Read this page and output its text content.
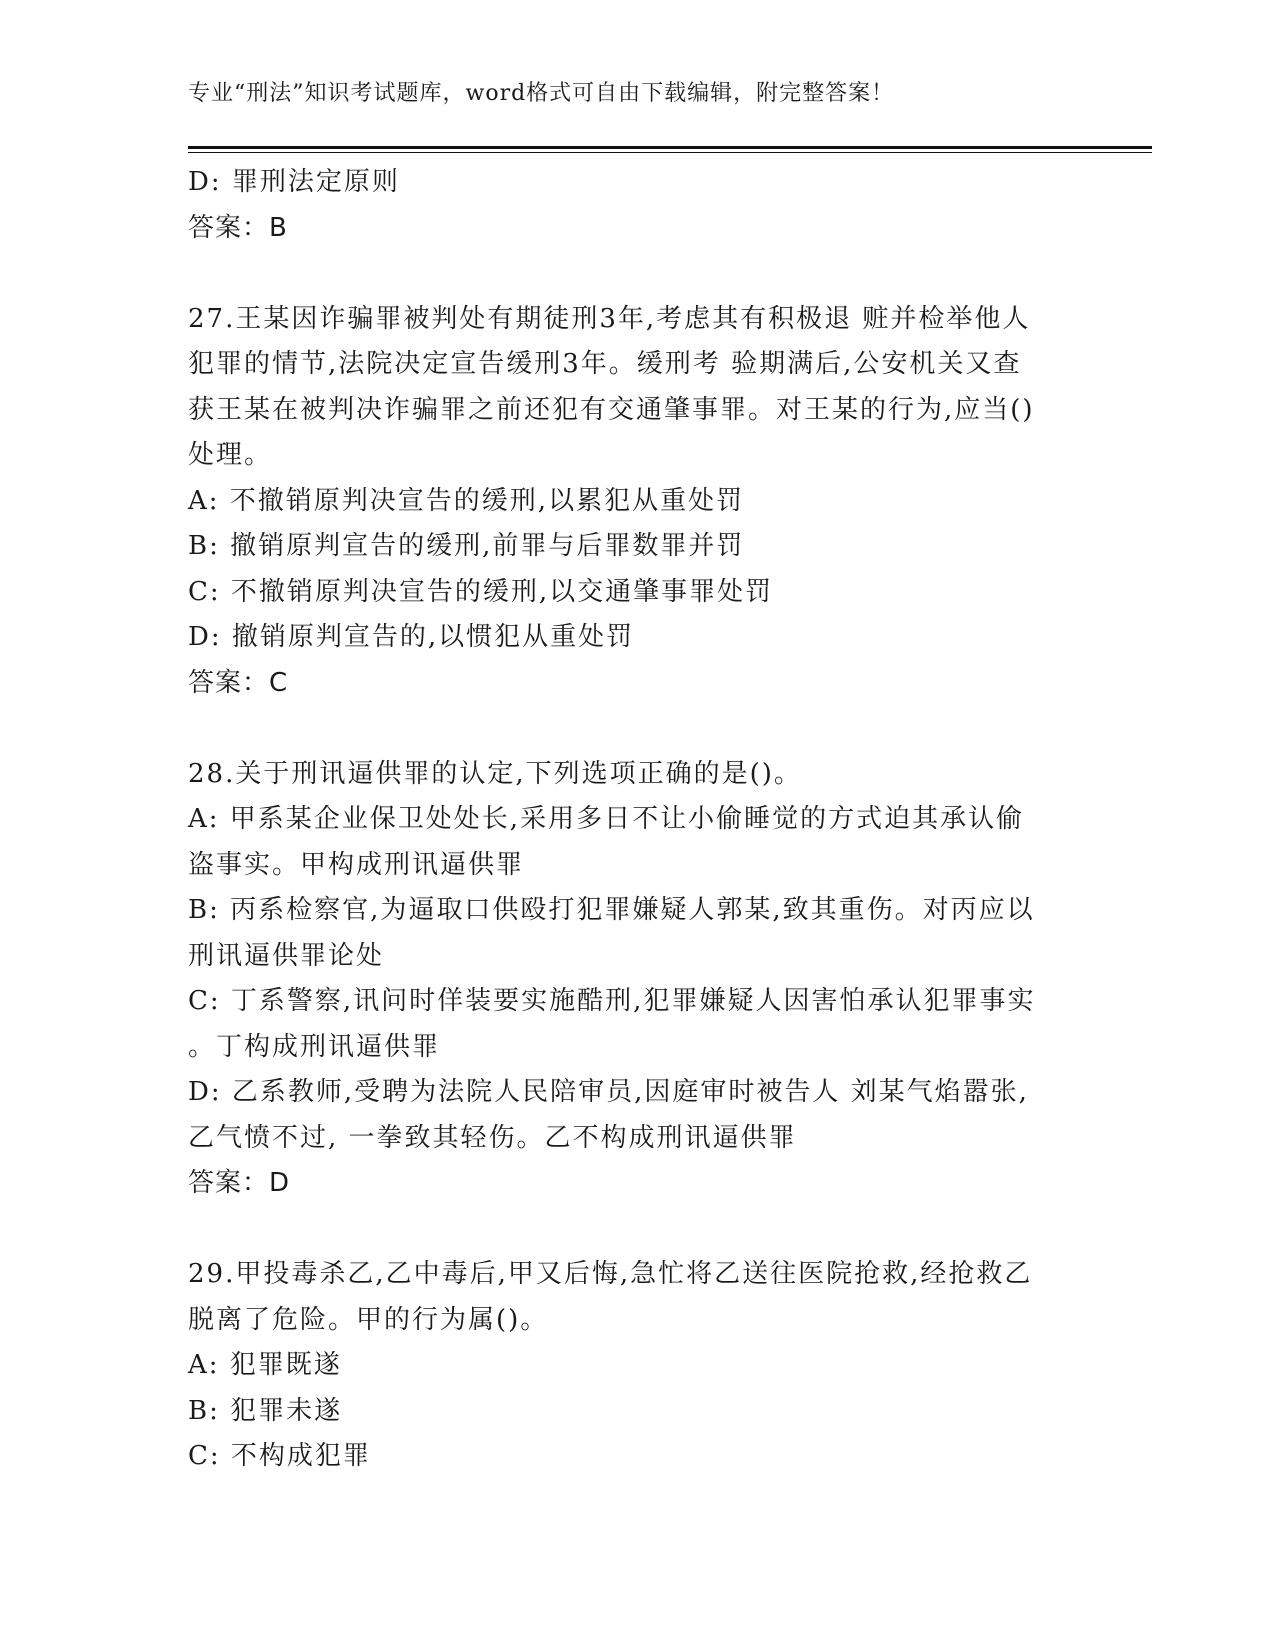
专业“刑法”知识考试题库，word格式可自由下载编辑，附完整答案！
D: 罪刑法定原则
答案：B
27.王某因诈骗罪被判处有期徒刑3年,考虑其有积极退 赃并检举他人
犯罪的情节,法院决定宣告缓刑3年。缓刑考 验期满后,公安机关又查
获王某在被判决诈骗罪之前还犯有交通肇事罪。对王某的行为,应当()
处理。
A: 不撤销原判决宣告的缓刑,以累犯从重处罚
B: 撤销原判宣告的缓刑,前罪与后罪数罪并罚
C: 不撤销原判决宣告的缓刑,以交通肇事罪处罚
D: 撤销原判宣告的,以惯犯从重处罚
答案：C
28.关于刑讯逼供罪的认定,下列选项正确的是()。
A: 甲系某企业保卫处处长,采用多日不让小偷睡觉的方式迫其承认偷
盗事实。甲构成刑讯逼供罪
B: 丙系检察官,为逼取口供殴打犯罪嫌疑人郭某,致其重伤。对丙应以
刑讯逼供罪论处
C: 丁系警察,讯问时佯装要实施酷刑,犯罪嫌疑人因害怕承认犯罪事实
。丁构成刑讯逼供罪
D: 乙系教师,受聘为法院人民陪审员,因庭审时被告人 刘某气焰嚣张,
乙气愤不过, 一拳致其轻伤。乙不构成刑讯逼供罪
答案：D
29.甲投毒杀乙,乙中毒后,甲又后悔,急忙将乙送往医院抢救,经抢救乙
脱离了危险。甲的行为属()。
A: 犯罪既遂
B: 犯罪未遂
C: 不构成犯罪
